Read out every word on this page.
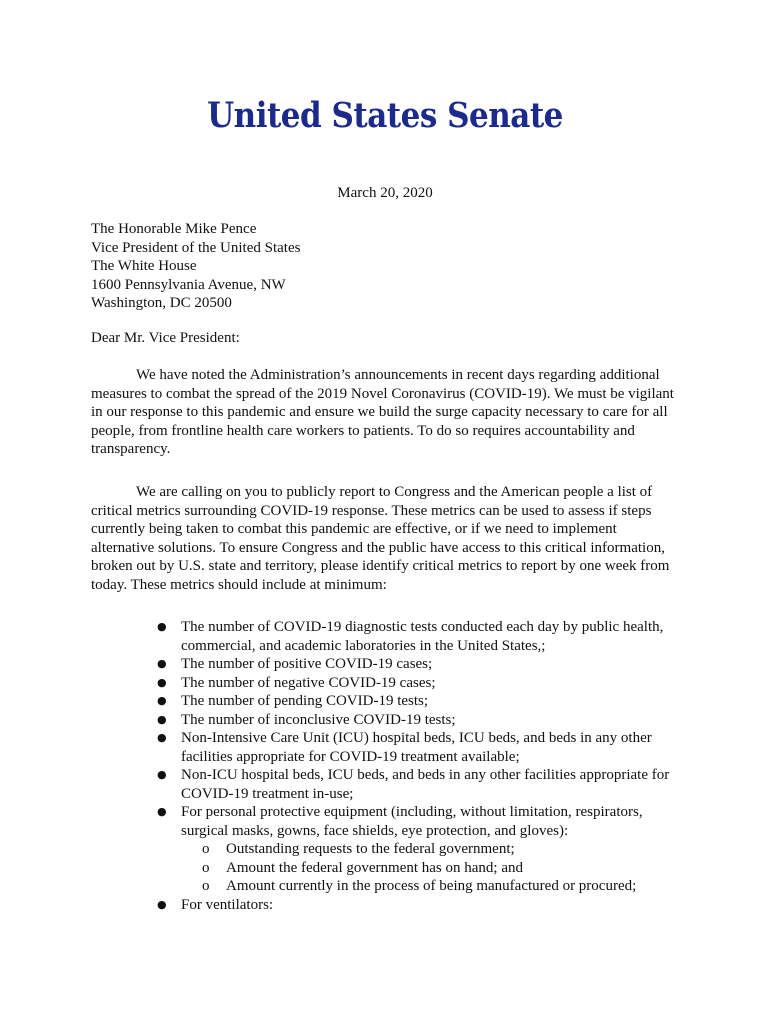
United States Senate
March 20, 2020
The Honorable Mike Pence
Vice President of the United States
The White House
1600 Pennsylvania Avenue, NW
Washington, DC 20500
Dear Mr. Vice President:
We have noted the Administration’s announcements in recent days regarding additional
measures to combat the spread of the 2019 Novel Coronavirus (COVID-19). We must be vigilant
in our response to this pandemic and ensure we build the surge capacity necessary to care for all
people, from frontline health care workers to patients. To do so requires accountability and
transparency.
We are calling on you to publicly report to Congress and the American people a list of
critical metrics surrounding COVID-19 response. These metrics can be used to assess if steps
currently being taken to combat this pandemic are effective, or if we need to implement
alternative solutions. To ensure Congress and the public have access to this critical information,
broken out by U.S. state and territory, please identify critical metrics to report by one week from
today. These metrics should include at minimum:
● The number of COVID-19 diagnostic tests conducted each day by public health,
commercial, and academic laboratories in the United States,;
● The number of positive COVID-19 cases;
● The number of negative COVID-19 cases;
● The number of pending COVID-19 tests;
● The number of inconclusive COVID-19 tests;
● Non-Intensive Care Unit (ICU) hospital beds, ICU beds, and beds in any other
facilities appropriate for COVID-19 treatment available;
● Non-ICU hospital beds, ICU beds, and beds in any other facilities appropriate for
COVID-19 treatment in-use;
● For personal protective equipment (including, without limitation, respirators,
surgical masks, gowns, face shields, eye protection, and gloves):
o Outstanding requests to the federal government;
o Amount the federal government has on hand; and
o Amount currently in the process of being manufactured or procured;
● For ventilators:
